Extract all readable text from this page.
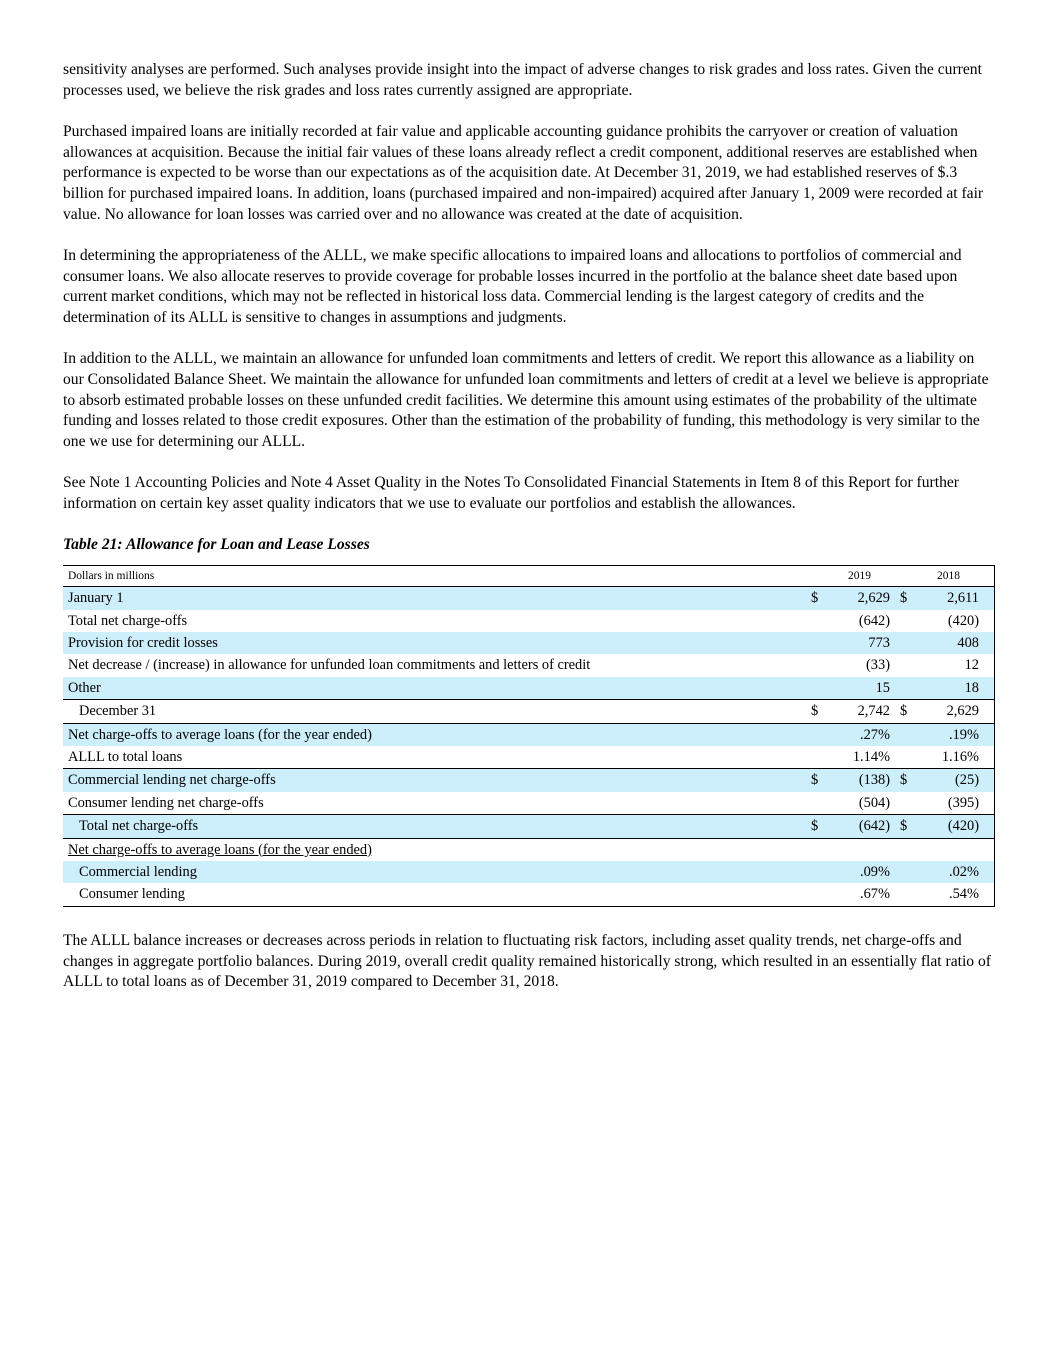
sensitivity analyses are performed. Such analyses provide insight into the impact of adverse changes to risk grades and loss rates. Given the current processes used, we believe the risk grades and loss rates currently assigned are appropriate.

Purchased impaired loans are initially recorded at fair value and applicable accounting guidance prohibits the carryover or creation of valuation allowances at acquisition. Because the initial fair values of these loans already reflect a credit component, additional reserves are established when performance is expected to be worse than our expectations as of the acquisition date. At December 31, 2019, we had established reserves of $.3 billion for purchased impaired loans. In addition, loans (purchased impaired and non-impaired) acquired after January 1, 2009 were recorded at fair value. No allowance for loan losses was carried over and no allowance was created at the date of acquisition.

In determining the appropriateness of the ALLL, we make specific allocations to impaired loans and allocations to portfolios of commercial and consumer loans. We also allocate reserves to provide coverage for probable losses incurred in the portfolio at the balance sheet date based upon current market conditions, which may not be reflected in historical loss data. Commercial lending is the largest category of credits and the determination of its ALLL is sensitive to changes in assumptions and judgments.

In addition to the ALLL, we maintain an allowance for unfunded loan commitments and letters of credit. We report this allowance as a liability on our Consolidated Balance Sheet. We maintain the allowance for unfunded loan commitments and letters of credit at a level we believe is appropriate to absorb estimated probable losses on these unfunded credit facilities. We determine this amount using estimates of the probability of the ultimate funding and losses related to those credit exposures. Other than the estimation of the probability of funding, this methodology is very similar to the one we use for determining our ALLL.

See Note 1 Accounting Policies and Note 4 Asset Quality in the Notes To Consolidated Financial Statements in Item 8 of this Report for further information on certain key asset quality indicators that we use to evaluate our portfolios and establish the allowances.

Table 21: Allowance for Loan and Lease Losses
Dollars in millions		2019			2018	
January 1	$	2,629		$	2,611	
Total net charge-offs		(642)			(420)	
Provision for credit losses		773			408	
Net decrease / (increase) in allowance for unfunded loan commitments and letters of credit		(33)			12	
Other		15			18	
December 31	$	2,742		$	2,629	
Net charge-offs to average loans (for the year ended)		.27%			.19%	
ALLL to total loans		1.14%			1.16%	
Commercial lending net charge-offs	$	(138)		$	(25)	
Consumer lending net charge-offs		(504)			(395)	
Total net charge-offs	$	(642)		$	(420)	
Net charge-offs to average loans (for the year ended)						
Commercial lending		.09%			.02%	
Consumer lending		.67%			.54%	

The ALLL balance increases or decreases across periods in relation to fluctuating risk factors, including asset quality trends, net charge-offs and changes in aggregate portfolio balances. During 2019, overall credit quality remained historically strong, which resulted in an essentially flat ratio of ALLL to total loans as of December 31, 2019 compared to December 31, 2018.
